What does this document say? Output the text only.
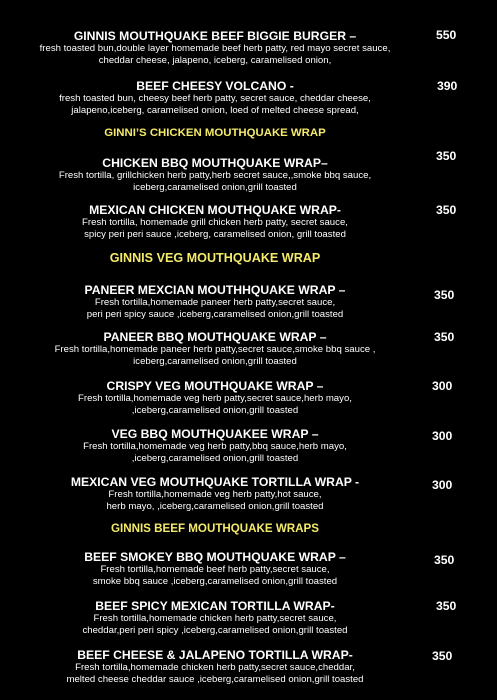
GINNIS MOUTHQUAKE BEEF BIGGIE BURGER –
fresh toasted bun,double layer homemade beef herb patty, red mayo secret sauce,
cheddar cheese, jalapeno, iceberg, caramelised onion,
550
BEEF CHEESY VOLCANO -
fresh toasted bun, cheesy beef herb patty, secret sauce, cheddar cheese,
jalapeno,iceberg, caramelised onion, loed of melted cheese spread,
390
GINNI’S CHICKEN MOUTHQUAKE WRAP
CHICKEN BBQ MOUTHQUAKE WRAP–
Fresh tortilla, grillchicken herb patty,herb secret sauce,,smoke bbq sauce,
iceberg,caramelised onion,grill toasted
350
MEXICAN CHICKEN MOUTHQUAKE WRAP-
Fresh tortilla, homemade grill chicken herb patty, secret sauce,
spicy peri peri sauce ,iceberg, caramelised onion, grill toasted
350
GINNIS VEG MOUTHQUAKE WRAP
PANEER MEXCIAN MOUTHHQUAKE WRAP –
Fresh tortilla,homemade paneer herb patty,secret sauce,
peri peri spicy sauce ,iceberg,caramelised onion,grill toasted
350
PANEER BBQ MOUTHQUAKE WRAP –
Fresh tortilla,homemade paneer herb patty,secret sauce,smoke bbq sauce ,
iceberg,caramelised onion,grill toasted
350
CRISPY VEG MOUTHQUAKE WRAP –
Fresh tortilla,homemade veg herb patty,secret sauce,herb mayo,
,iceberg,caramelised onion,grill toasted
300
VEG BBQ MOUTHQUAKEE WRAP –
Fresh tortilla,homemade veg herb patty,bbq sauce,herb mayo,
,iceberg,caramelised onion,grill toasted
300
MEXICAN VEG MOUTHQUAKE TORTILLA WRAP -
Fresh tortilla,homemade veg herb patty,hot sauce,
herb mayo, ,iceberg,caramelised onion,grill toasted
300
GINNIS BEEF MOUTHQUAKE WRAPS
BEEF SMOKEY BBQ MOUTHQUAKE WRAP –
Fresh tortilla,homemade beef herb patty,secret sauce,
smoke bbq sauce ,iceberg,caramelised onion,grill toasted
350
BEEF SPICY MEXICAN TORTILLA WRAP-
Fresh tortilla,homemade chicken herb patty,secret sauce,
cheddar,peri peri spicy ,iceberg,caramelised onion,grill toasted
350
BEEF CHEESE & JALAPENO TORTILLA WRAP-
Fresh tortilla,homemade chicken herb patty,secret sauce,cheddar,
melted cheese cheddar sauce ,iceberg,caramelised onion,grill toasted
350
